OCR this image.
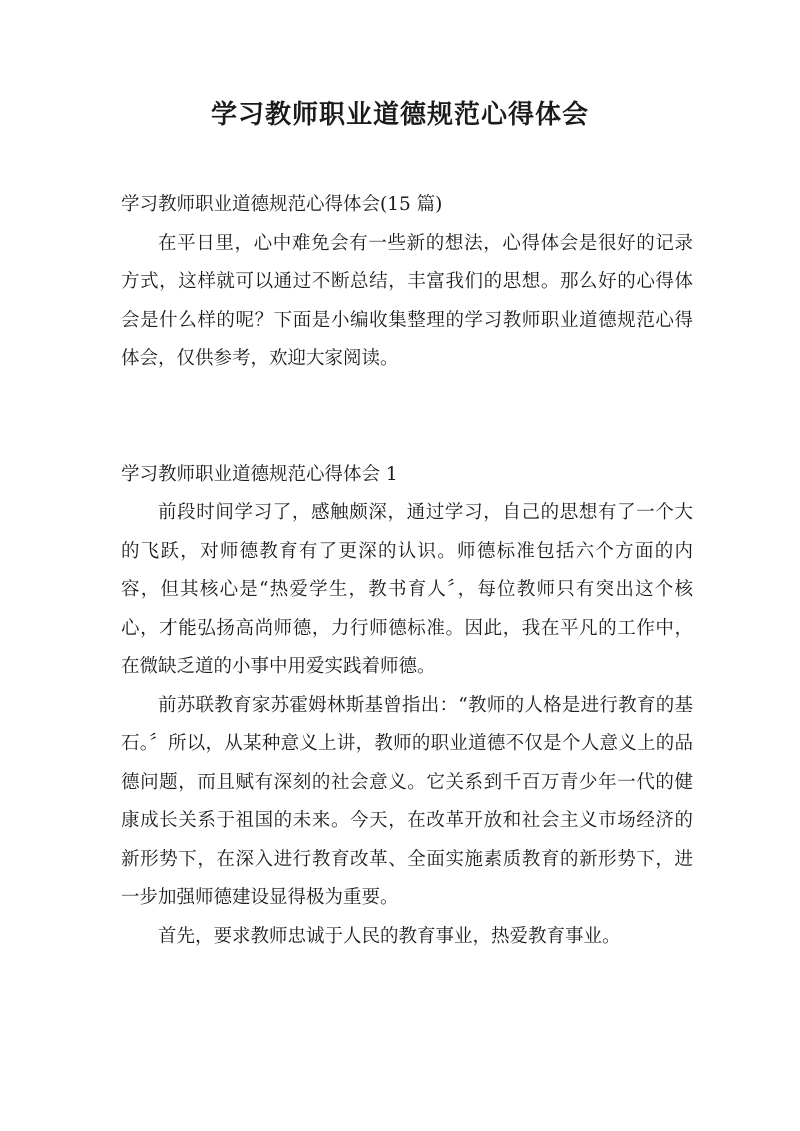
学习教师职业道德规范心得体会

学习教师职业道德规范心得体会(15 篇)

在平日里，心中难免会有一些新的想法，心得体会是很好的记录方式，这样就可以通过不断总结，丰富我们的思想。那么好的心得体会是什么样的呢？下面是小编收集整理的学习教师职业道德规范心得体会，仅供参考，欢迎大家阅读。

学习教师职业道德规范心得体会 1

前段时间学习了，感触颇深，通过学习，自己的思想有了一个大的飞跃，对师德教育有了更深的认识。师德标准包括六个方面的内容，但其核心是“热爱学生，教书育人〞，每位教师只有突出这个核心，才能弘扬高尚师德，力行师德标准。因此，我在平凡的工作中，在微缺乏道的小事中用爱实践着师德。

前苏联教育家苏霍姆林斯基曾指出：“教师的人格是进行教育的基石。〞所以，从某种意义上讲，教师的职业道德不仅是个人意义上的品德问题，而且赋有深刻的社会意义。它关系到千百万青少年一代的健康成长关系于祖国的未来。今天，在改革开放和社会主义市场经济的新形势下，在深入进行教育改革、全面实施素质教育的新形势下，进一步加强师德建设显得极为重要。

首先，要求教师忠诚于人民的教育事业，热爱教育事业。
